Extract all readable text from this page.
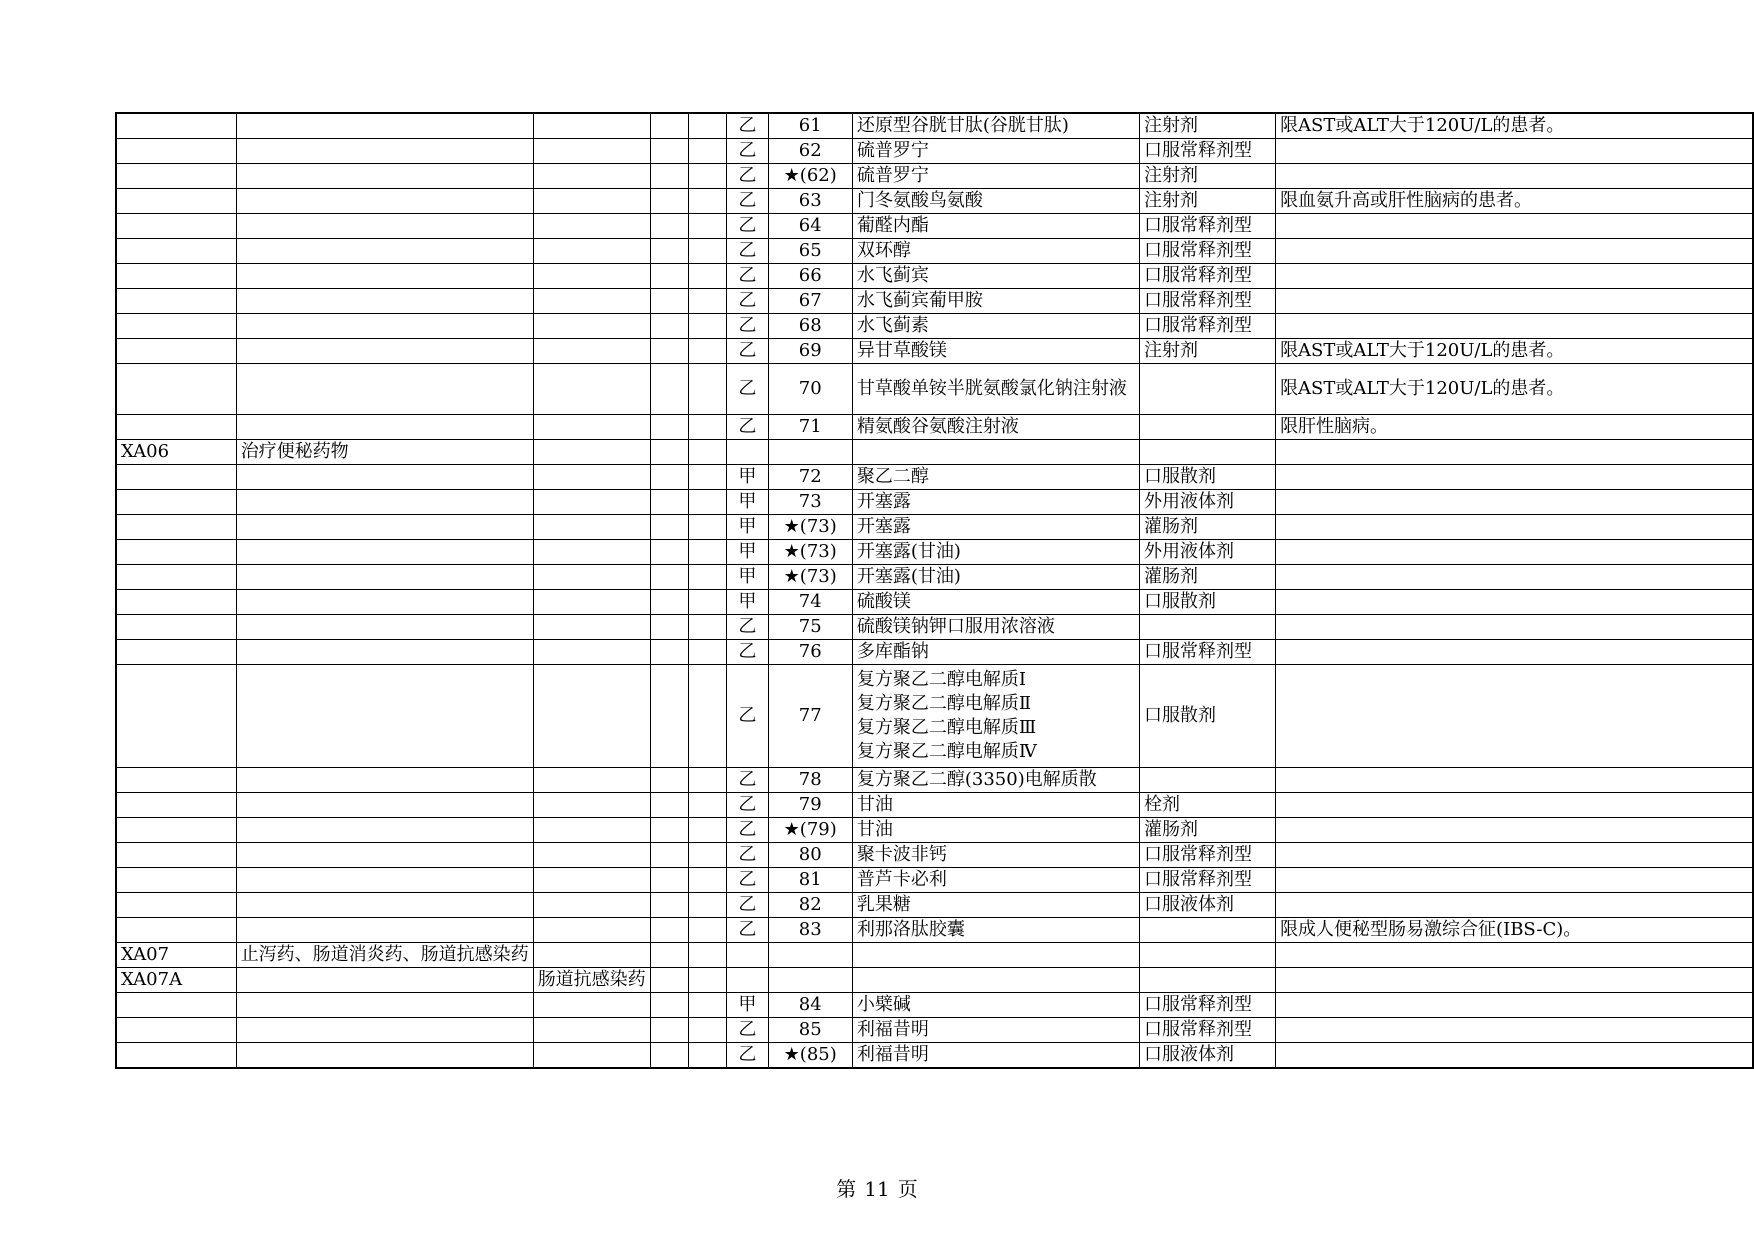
					乙	61	还原型谷胱甘肽(谷胱甘肽)	注射剂	限AST或ALT大于120U/L的患者。
					乙	62	硫普罗宁	口服常释剂型	
					乙	★(62)	硫普罗宁	注射剂	
					乙	63	门冬氨酸鸟氨酸	注射剂	限血氨升高或肝性脑病的患者。
					乙	64	葡醛内酯	口服常释剂型	
					乙	65	双环醇	口服常释剂型	
					乙	66	水飞蓟宾	口服常释剂型	
					乙	67	水飞蓟宾葡甲胺	口服常释剂型	
					乙	68	水飞蓟素	口服常释剂型	
					乙	69	异甘草酸镁	注射剂	限AST或ALT大于120U/L的患者。
					乙	70	甘草酸单铵半胱氨酸氯化钠注射液		限AST或ALT大于120U/L的患者。
					乙	71	精氨酸谷氨酸注射液		限肝性脑病。
XA06	治疗便秘药物								
					甲	72	聚乙二醇	口服散剂	
					甲	73	开塞露	外用液体剂	
					甲	★(73)	开塞露	灌肠剂	
					甲	★(73)	开塞露(甘油)	外用液体剂	
					甲	★(73)	开塞露(甘油)	灌肠剂	
					甲	74	硫酸镁	口服散剂	
					乙	75	硫酸镁钠钾口服用浓溶液		
					乙	76	多库酯钠	口服常释剂型	
					乙	77	复方聚乙二醇电解质Ⅰ
复方聚乙二醇电解质Ⅱ
复方聚乙二醇电解质Ⅲ
复方聚乙二醇电解质Ⅳ	口服散剂	
					乙	78	复方聚乙二醇(3350)电解质散		
					乙	79	甘油	栓剂	
					乙	★(79)	甘油	灌肠剂	
					乙	80	聚卡波非钙	口服常释剂型	
					乙	81	普芦卡必利	口服常释剂型	
					乙	82	乳果糖	口服液体剂	
					乙	83	利那洛肽胶囊		限成人便秘型肠易激综合征(IBS-C)。
XA07	止泻药、肠道消炎药、肠道抗感染药								
XA07A		肠道抗感染药							
					甲	84	小檗碱	口服常释剂型	
					乙	85	利福昔明	口服常释剂型	
					乙	★(85)	利福昔明	口服液体剂	
第 11 页
